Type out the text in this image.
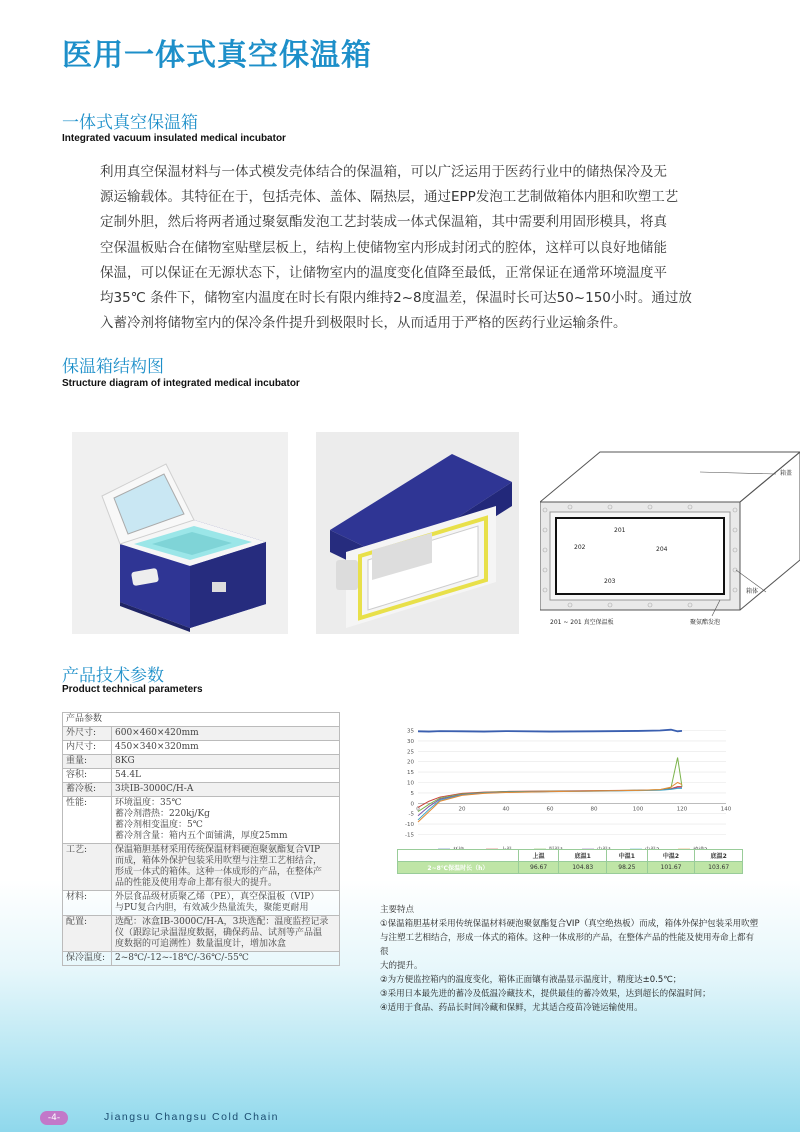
医用一体式真空保温箱
一体式真空保温箱
Integrated vacuum insulated medical incubator
利用真空保温材料与一体式模发壳体结合的保温箱，可以广泛运用于医药行业中的储热保冷及无
源运输载体。其特征在于，包括壳体、盖体、隔热层，通过EPP发泡工艺制做箱体内胆和吹塑工艺
定制外胆，然后将两者通过聚氨酯发泡工艺封装成一体式保温箱，其中需要利用固形模具，将真
空保温板贴合在储物室贴壁层板上，结构上使储物室内形成封闭式的腔体，这样可以良好地储能
保温，可以保证在无源状态下，让储物室内的温度变化值降至最低，正常保证在通常环境温度平
均35℃ 条件下，储物室内温度在时长有限内维持2~8度温差，保温时长可达50~150小时。通过放
入蓄冷剂将储物室内的保冷条件提升到极限时长，从而适用于严格的医药行业运输条件。
保温箱结构图
Structure diagram of integrated medical incubator
箱盖
201
202	204
203
箱体
201 ~ 201 真空保温板	聚氨酯发泡
产品技术参数
Product technical parameters
产品参数	
外尺寸:	600×460×420mm
内尺寸:	450×340×320mm
重量:	8KG
容积:	54.4L
蓄冷板:	3块IB-3000C/H-A
性能:	环境温度：35℃
蓄冷剂潜热：220kj/Kg
蓄冷剂相变温度：5℃
蓄冷剂含量：箱内五个面铺满，厚度25mm

工艺:	保温箱胆基材采用传统保温材料硬泡聚氨酯复合VIP
而成，箱体外保护包装采用吹塑与注塑工艺相结合，
形成一体式的箱体。这种一体成形的产品，在整体产
品的性能及使用寿命上都有很大的提升。

材料:	外层食品级材质聚乙烯（PE），真空保温板（VIP）
与PU复合内胆，有效减少热量流失，聚能更耐用

配置:	选配：冰盒IB-3000C/H-A，3块选配：温度监控记录
仪（跟踪记录温湿度数据，确保药品、试剂等产品温
度数据的可追溯性）数量温度计，增加冰盒

保冷温度:	2~8℃/-12~-18℃/-36℃/-55℃
-15
-10
-5
0
5
10
15
20
25
30
35
0	20	40	60	80	100	120	140
	上温	底温1	中温1	中温2	底温2
2~8℃保温时长（h）	96.67	104.83	98.25	101.67	103.67
主要特点
①保温箱胆基材采用传统保温材料硬泡聚氨酯复合VIP（真空绝热板）而成，箱体外保护包装采用吹塑
与注塑工艺相结合，形成一体式的箱体。这种一体成形的产品，在整体产品的性能及使用寿命上都有很
大的提升。
②为方便监控箱内的温度变化，箱体正面镶有液晶显示温度计，精度达±0.5℃；
③采用日本最先进的蓄冷及低温冷藏技术，提供最佳的蓄冷效果，达到超长的保温时间；
④适用于食品、药品长时间冷藏和保鲜，尤其适合疫苗冷链运输使用。
-4-	Jiangsu Changsu Cold Chain
